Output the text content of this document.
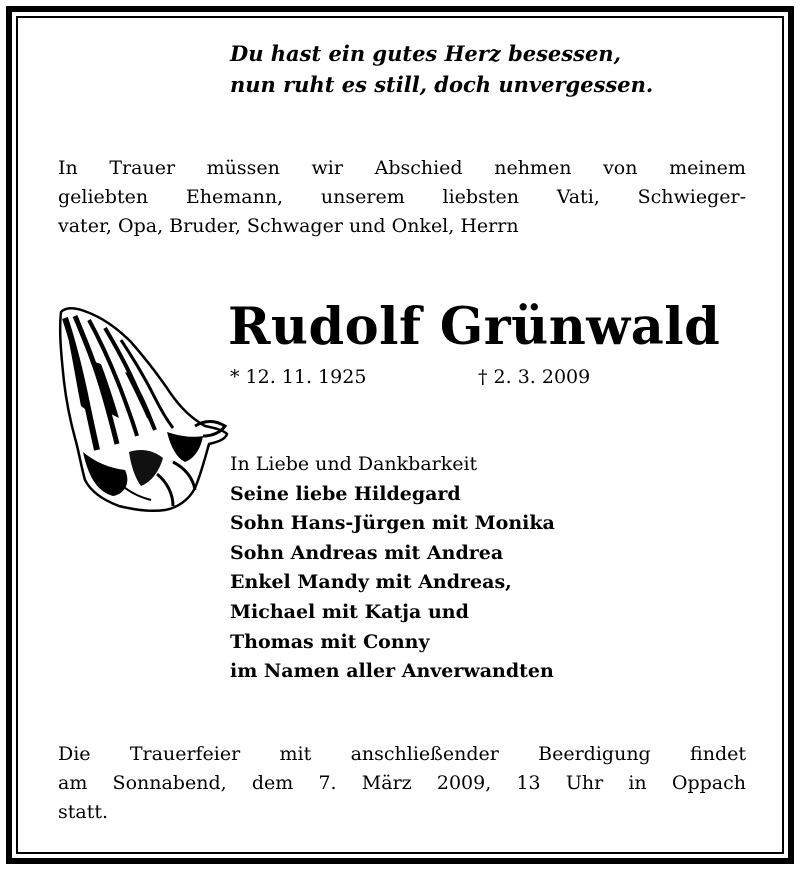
Du hast ein gutes Herz besessen,
nun ruht es still, doch unvergessen.
In Trauer müssen wir Abschied nehmen von meinem
geliebten Ehemann, unserem liebsten Vati, Schwieger-
vater, Opa, Bruder, Schwager und Onkel, Herrn
Rudolf Grünwald
* 12. 11. 1925	† 2. 3. 2009
In Liebe und Dankbarkeit
Seine liebe Hildegard
Sohn Hans-Jürgen mit Monika
Sohn Andreas mit Andrea
Enkel Mandy mit Andreas,
Michael mit Katja und
Thomas mit Conny
im Namen aller Anverwandten
Die Trauerfeier mit anschließender Beerdigung findet
am Sonnabend, dem 7. März 2009, 13 Uhr in Oppach
statt.
